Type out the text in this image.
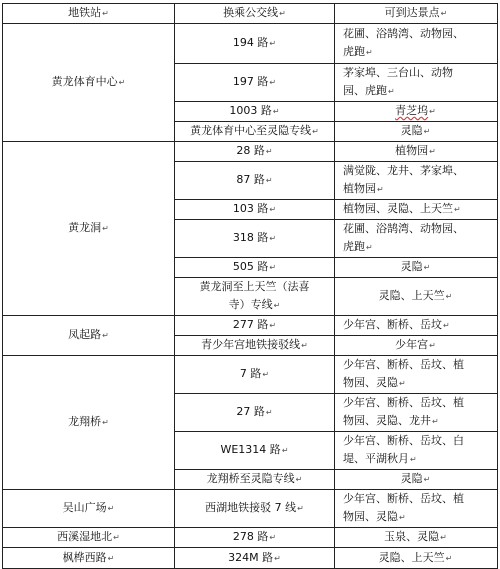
地铁站↵	换乘公交线↵	可到达景点↵
黄龙体育中心↵	194 路↵	花圃、浴鹄湾、动物园、
虎跑↵
	197 路↵	茅家埠、三台山、动物
园、虎跑↵
	1003 路↵	青芝坞↵
	黄龙体育中心至灵隐专线↵	灵隐↵
黄龙洞↵	28 路↵	植物园↵
	87 路↵	满觉陇、龙井、茅家埠、
植物园↵
	103 路↵	植物园、灵隐、上天竺↵
	318 路↵	花圃、浴鹄湾、动物园、
虎跑↵
	505 路↵	灵隐↵
	黄龙洞至上天竺（法喜
寺）专线↵	灵隐、上天竺↵
凤起路↵	277 路↵	少年宫、断桥、岳坟↵
	青少年宫地铁接驳线↵	少年宫↵
龙翔桥↵	7 路↵	少年宫、断桥、岳坟、植
物园、灵隐↵
	27 路↵	少年宫、断桥、岳坟、植
物园、灵隐、龙井↵
	WE1314 路↵	少年宫、断桥、岳坟、白
堤、平湖秋月↵
	龙翔桥至灵隐专线↵	灵隐↵
吴山广场↵	西湖地铁接驳 7 线↵	少年宫、断桥、岳坟、植
物园、灵隐↵
西溪湿地北↵	278 路↵	玉泉、灵隐↵
枫桦西路↵	324M 路↵	灵隐、上天竺↵
